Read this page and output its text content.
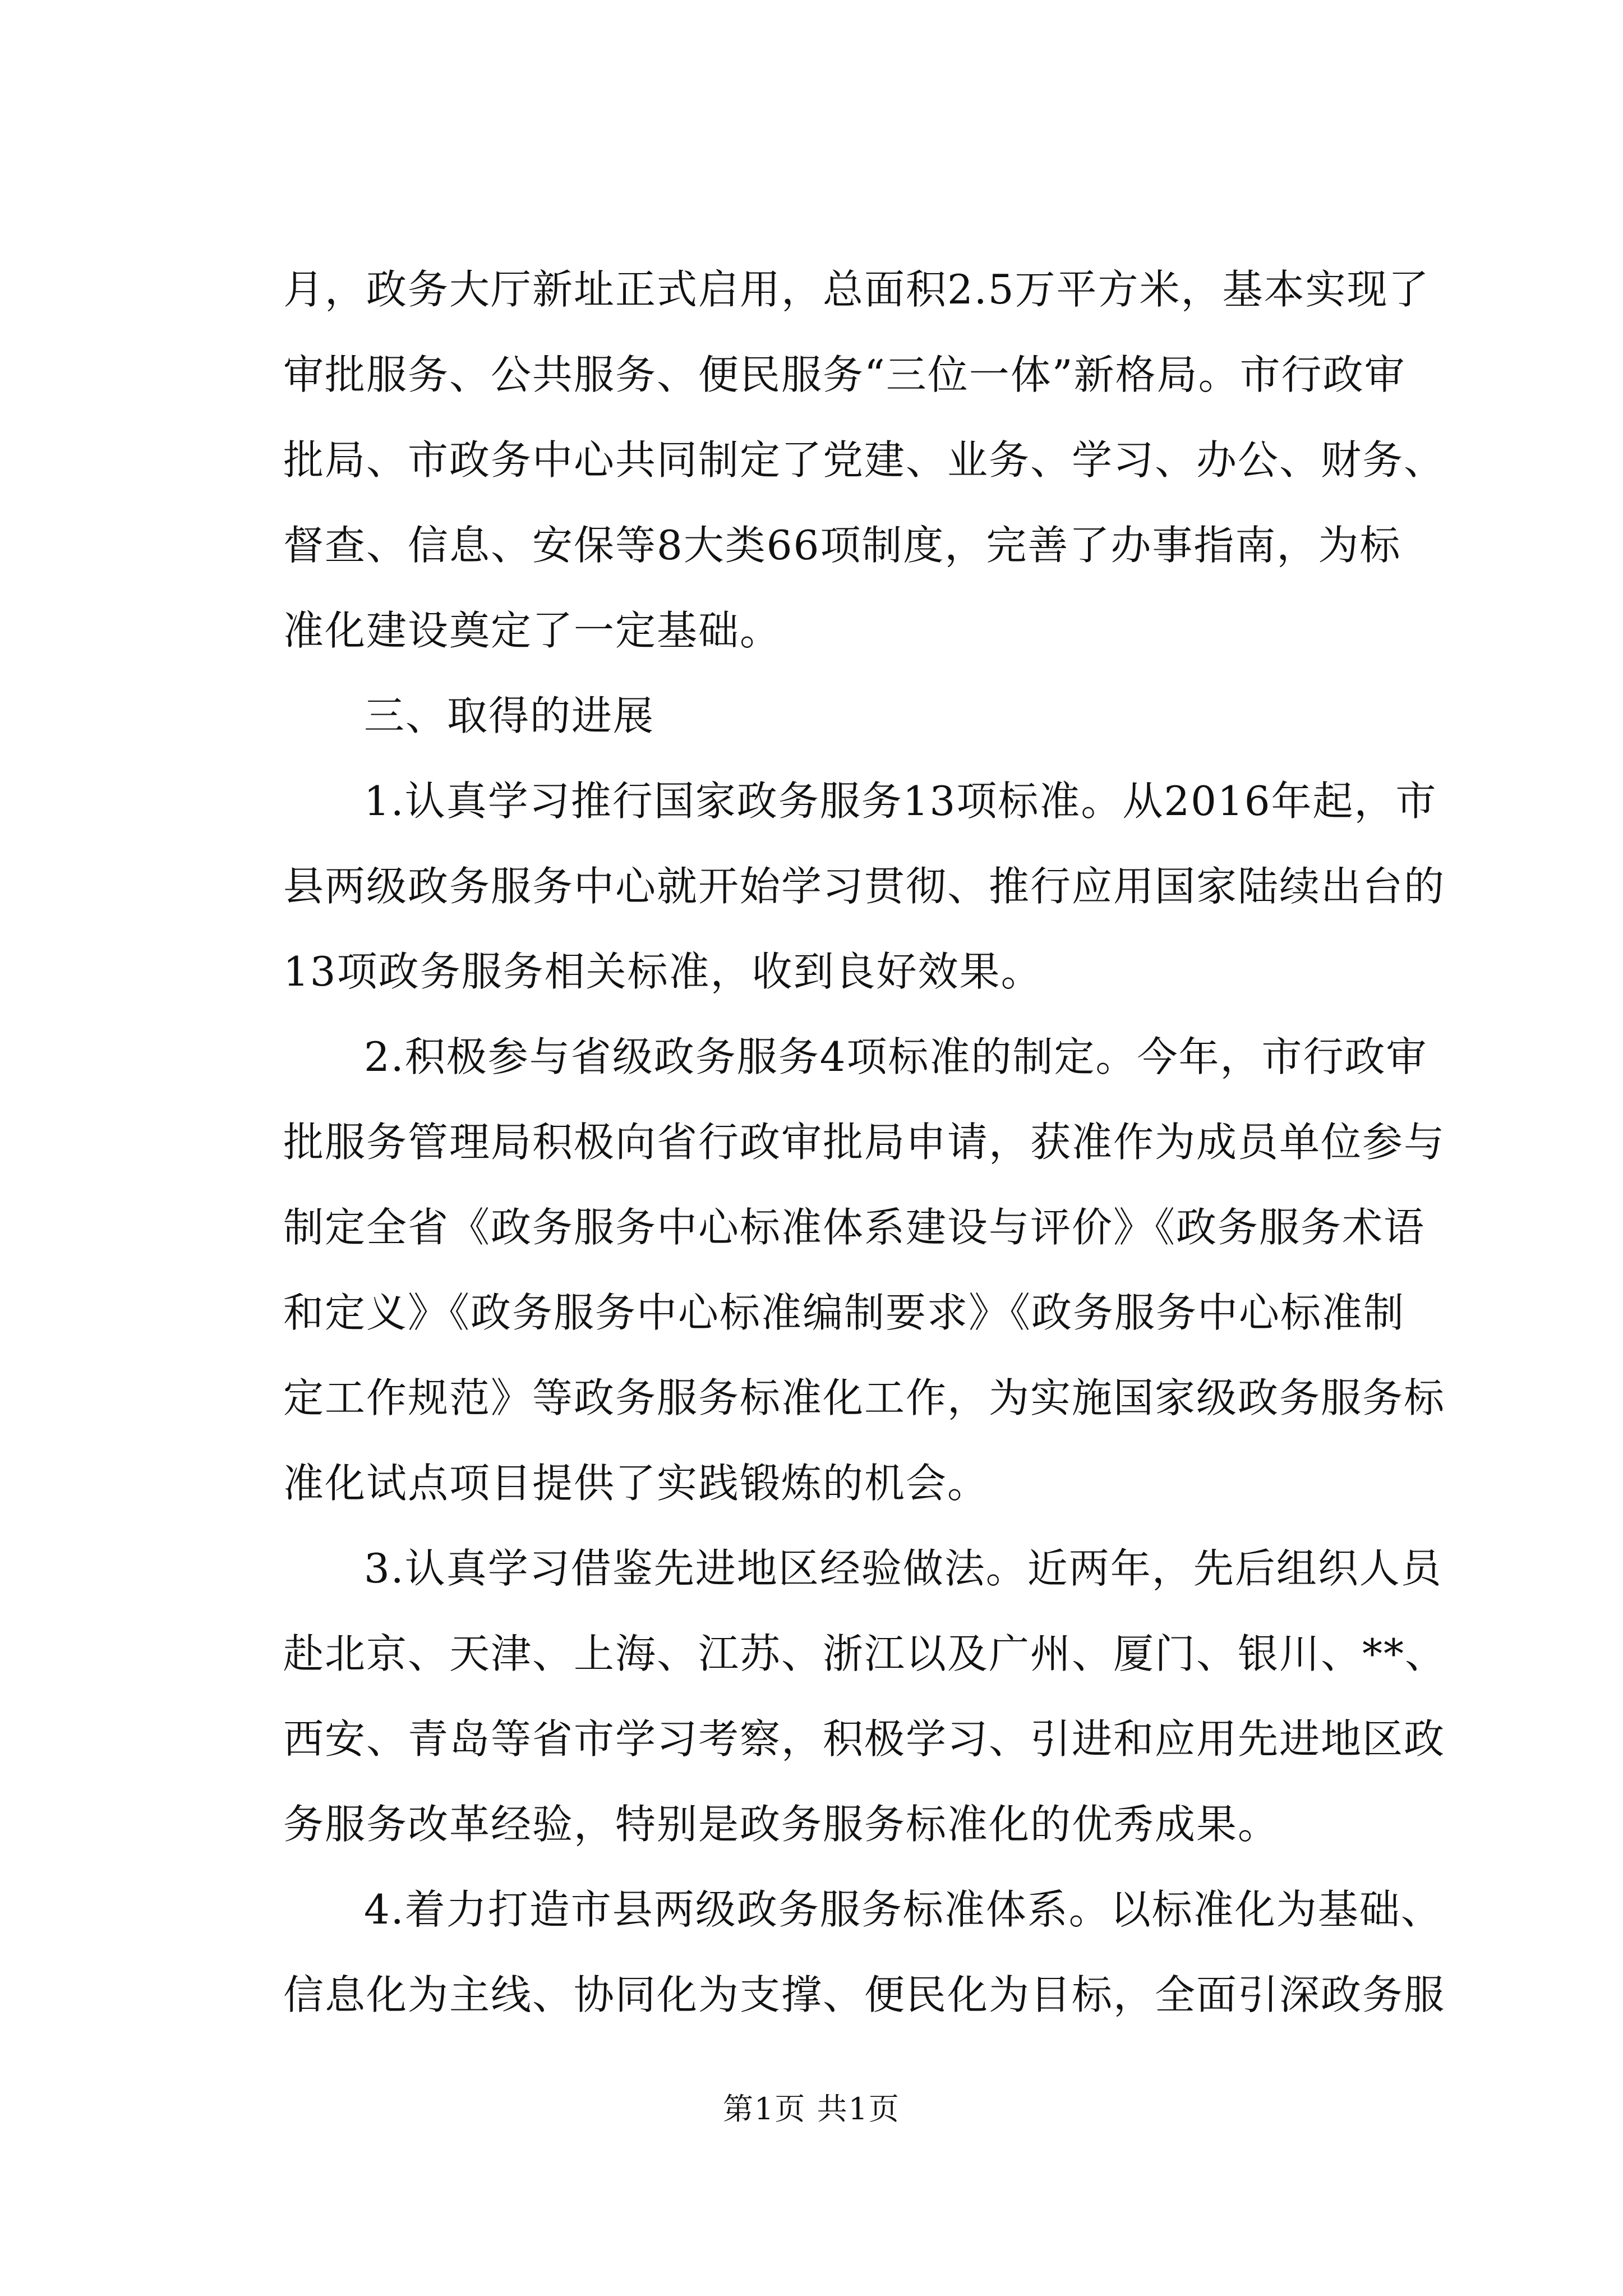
月，政务大厅新址正式启用，总面积2.5万平方米，基本实现了

审批服务、公共服务、便民服务“三位一体”新格局。市行政审

批局、市政务中心共同制定了党建、业务、学习、办公、财务、

督查、信息、安保等8大类66项制度，完善了办事指南，为标

准化建设奠定了一定基础。

三、取得的进展

1.认真学习推行国家政务服务13项标准。从2016年起，市

县两级政务服务中心就开始学习贯彻、推行应用国家陆续出台的

13项政务服务相关标准，收到良好效果。

2.积极参与省级政务服务4项标准的制定。今年，市行政审

批服务管理局积极向省行政审批局申请，获准作为成员单位参与

制定全省《政务服务中心标准体系建设与评价》《政务服务术语

和定义》《政务服务中心标准编制要求》《政务服务中心标准制

定工作规范》等政务服务标准化工作，为实施国家级政务服务标

准化试点项目提供了实践锻炼的机会。

3.认真学习借鉴先进地区经验做法。近两年，先后组织人员

赴北京、天津、上海、江苏、浙江以及广州、厦门、银川、**、

西安、青岛等省市学习考察，积极学习、引进和应用先进地区政

务服务改革经验，特别是政务服务标准化的优秀成果。

4.着力打造市县两级政务服务标准体系。以标准化为基础、

信息化为主线、协同化为支撑、便民化为目标，全面引深政务服

第1页 共1页
